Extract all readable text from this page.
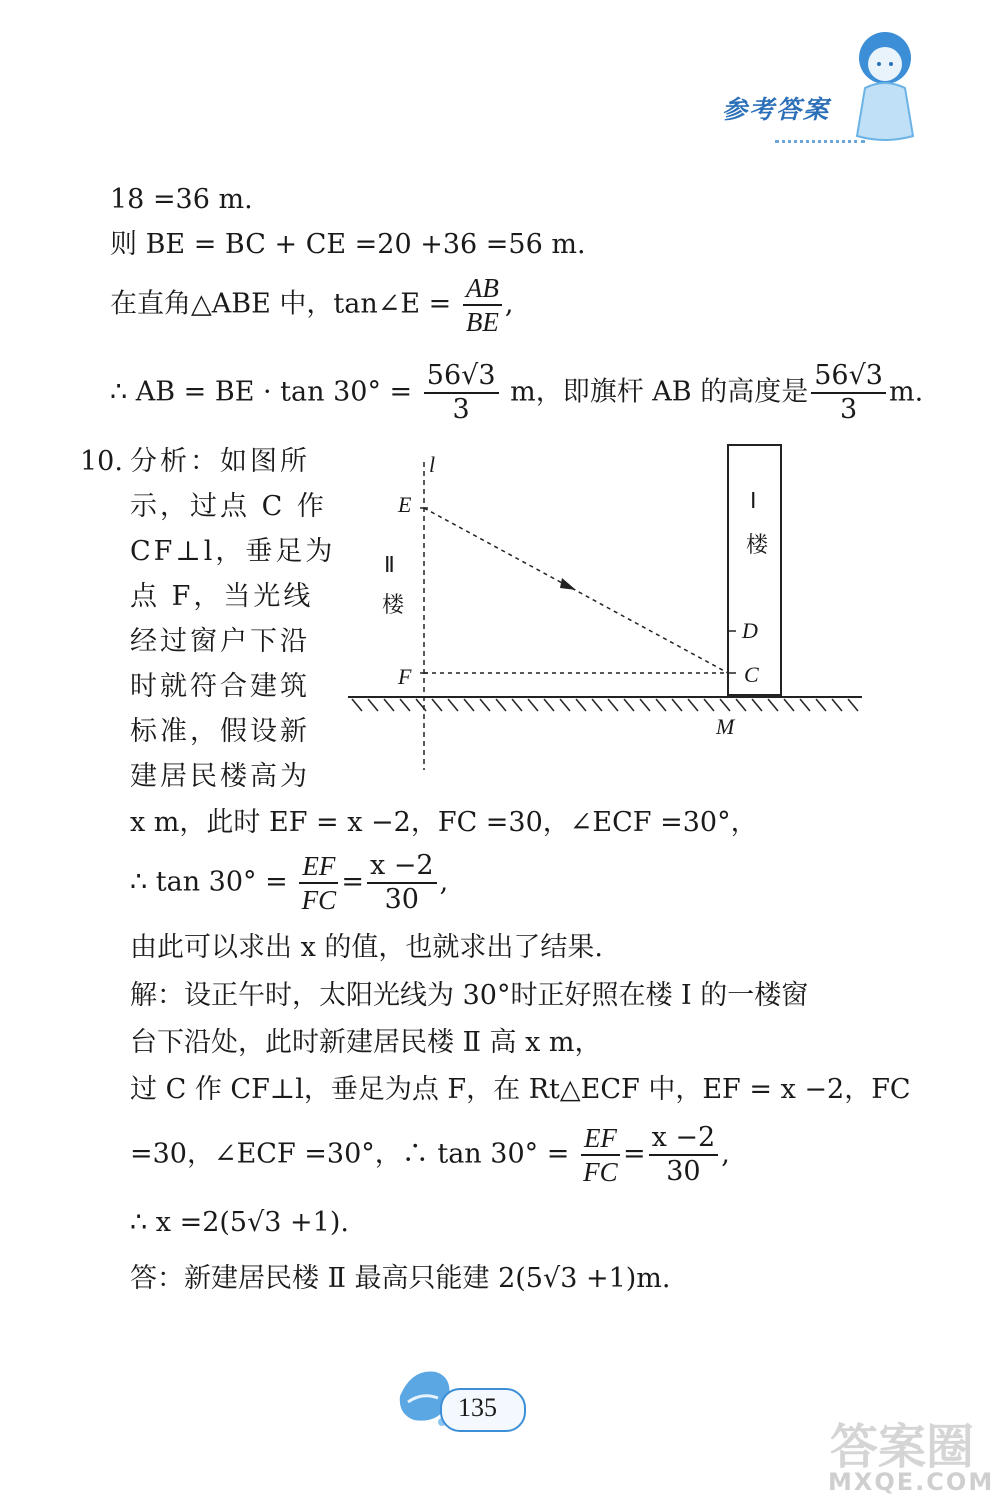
参考答案
18 =36 m.
则 BE = BC + CE =20 +36 =56 m.
在直角△ABE 中，tan∠E = $\frac{AB}{BE}$ ,
∴ AB = BE · $\tan 30^\circ = \frac{56√3}{3}$ m，即旗杆 AB 的高度是 $\frac{56√3}{3} m$.
10. 分析：如图所
示，过点 C 作
CF⊥l，垂足为
点 F，当光线
经过窗户下沿
时就符合建筑
标准，假设新
建居民楼高为
l
E
F
Ⅱ
楼
Ⅰ
楼
D
C
M
x m，此时 EF = x −2，FC =30，∠ECF =30°，
∴ $\tan 30^\circ = \frac{EF}{FC} = \frac{x -2}{30}$ ,
由此可以求出 x 的值，也就求出了结果.
解：设正午时，太阳光线为 30°时正好照在楼 Ⅰ 的一楼窗
台下沿处，此时新建居民楼 Ⅱ 高 x m，
过 C 作 CF⊥l，垂足为点 F，在 Rt△ECF 中，EF = x −2，FC
=30，∠ECF =30°，∴ $\tan 30^\circ = \frac{EF}{FC} = \frac{x -2}{30}$ ,
∴ x =2(5√3 +1).
答：新建居民楼 Ⅱ 最高只能建 2(5√3 +1)m.
135
答案圈
MXQE.COM
